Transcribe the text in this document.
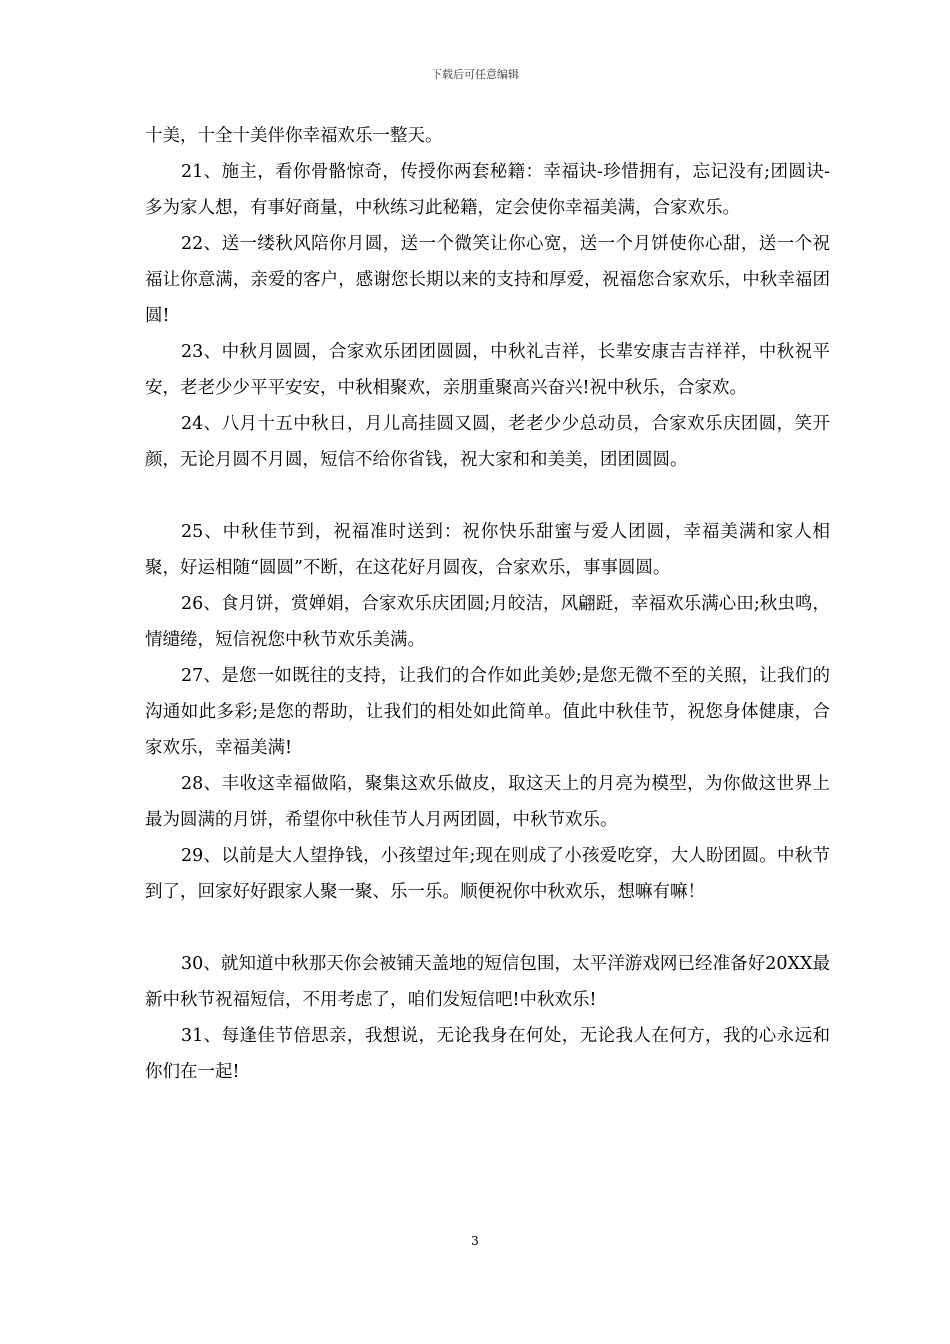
下载后可任意编辑

十美，十全十美伴你幸福欢乐一整天。

21、施主，看你骨骼惊奇，传授你两套秘籍：幸福诀-珍惜拥有，忘记没有;团圆诀-多为家人想，有事好商量，中秋练习此秘籍，定会使你幸福美满，合家欢乐。

22、送一缕秋风陪你月圆，送一个微笑让你心宽，送一个月饼使你心甜，送一个祝福让你意满，亲爱的客户，感谢您长期以来的支持和厚爱，祝福您合家欢乐，中秋幸福团圆!

23、中秋月圆圆，合家欢乐团团圆圆，中秋礼吉祥，长辈安康吉吉祥祥，中秋祝平安，老老少少平平安安，中秋相聚欢，亲朋重聚高兴奋兴!祝中秋乐，合家欢。

24、八月十五中秋日，月儿高挂圆又圆，老老少少总动员，合家欢乐庆团圆，笑开颜，无论月圆不月圆，短信不给你省钱，祝大家和和美美，团团圆圆。

25、中秋佳节到，祝福准时送到：祝你快乐甜蜜与爱人团圆，幸福美满和家人相聚，好运相随“圆圆”不断，在这花好月圆夜，合家欢乐，事事圆圆。

26、食月饼，赏婵娟，合家欢乐庆团圆;月皎洁，风翩跹，幸福欢乐满心田;秋虫鸣，情缱绻，短信祝您中秋节欢乐美满。

27、是您一如既往的支持，让我们的合作如此美妙;是您无微不至的关照，让我们的沟通如此多彩;是您的帮助，让我们的相处如此简单。值此中秋佳节，祝您身体健康，合家欢乐，幸福美满!

28、丰收这幸福做陷，聚集这欢乐做皮，取这天上的月亮为模型，为你做这世界上最为圆满的月饼，希望你中秋佳节人月两团圆，中秋节欢乐。

29、以前是大人望挣钱，小孩望过年;现在则成了小孩爱吃穿，大人盼团圆。中秋节到了，回家好好跟家人聚一聚、乐一乐。顺便祝你中秋欢乐，想嘛有嘛！

30、就知道中秋那天你会被铺天盖地的短信包围，太平洋游戏网已经准备好20XX最新中秋节祝福短信，不用考虑了，咱们发短信吧!中秋欢乐!

31、每逢佳节倍思亲，我想说，无论我身在何处，无论我人在何方，我的心永远和你们在一起!

3
